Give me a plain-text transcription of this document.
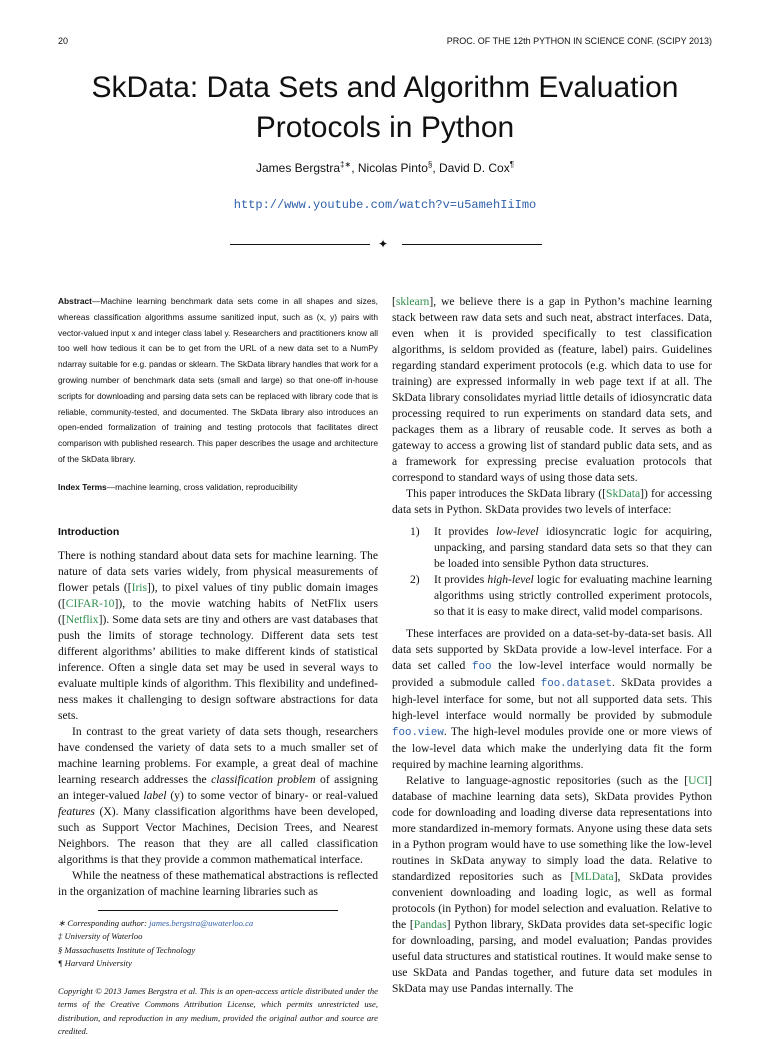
20	PROC. OF THE 12th PYTHON IN SCIENCE CONF. (SCIPY 2013)
SkData: Data Sets and Algorithm Evaluation
Protocols in Python
James Bergstra‡∗, Nicolas Pinto§, David D. Cox¶
http://www.youtube.com/watch?v=u5amehIiImo
✦

Abstract—Machine learning benchmark data sets come in all shapes and sizes, whereas classification algorithms assume sanitized input, such as (x, y) pairs with vector-valued input x and integer class label y. Researchers and practitioners know all too well how tedious it can be to get from the URL of a new data set to a NumPy ndarray suitable for e.g. pandas or sklearn. The SkData library handles that work for a growing number of benchmark data sets (small and large) so that one-off in-house scripts for downloading and parsing data sets can be replaced with library code that is reliable, community-tested, and documented. The SkData library also introduces an open-ended formalization of training and testing protocols that facilitates direct comparison with published research. This paper describes the usage and architecture of the SkData library.

Index Terms—machine learning, cross validation, reproducibility

Introduction

There is nothing standard about data sets for machine learning. The nature of data sets varies widely, from physical measurements of flower petals ([Iris]), to pixel values of tiny public domain images ([CIFAR-10]), to the movie watching habits of NetFlix users ([Netflix]). Some data sets are tiny and others are vast databases that push the limits of storage technology. Different data sets test different algorithms’ abilities to make different kinds of statistical inference. Often a single data set may be used in several ways to evaluate multiple kinds of algorithm. This flexibility and undefined-ness makes it challenging to design software abstractions for data sets.

In contrast to the great variety of data sets though, researchers have condensed the variety of data sets to a much smaller set of machine learning problems. For example, a great deal of machine learning research addresses the classification problem of assigning an integer-valued label (y) to some vector of binary- or real-valued features (X). Many classification algorithms have been developed, such as Support Vector Machines, Decision Trees, and Nearest Neighbors. The reason that they are all called classification algorithms is that they provide a common mathematical interface.

While the neatness of these mathematical abstractions is reflected in the organization of machine learning libraries such as

∗ Corresponding author: james.bergstra@uwaterloo.ca

‡ University of Waterloo

§ Massachusetts Institute of Technology

¶ Harvard University

Copyright © 2013 James Bergstra et al. This is an open-access article distributed under the terms of the Creative Commons Attribution License, which permits unrestricted use, distribution, and reproduction in any medium, provided the original author and source are credited.

[sklearn], we believe there is a gap in Python’s machine learning stack between raw data sets and such neat, abstract interfaces. Data, even when it is provided specifically to test classification algorithms, is seldom provided as (feature, label) pairs. Guidelines regarding standard experiment protocols (e.g. which data to use for training) are expressed informally in web page text if at all. The SkData library consolidates myriad little details of idiosyncratic data processing required to run experiments on standard data sets, and packages them as a library of reusable code. It serves as both a gateway to access a growing list of standard public data sets, and as a framework for expressing precise evaluation protocols that correspond to standard ways of using those data sets.

This paper introduces the SkData library ([SkData]) for accessing data sets in Python. SkData provides two levels of interface:

1) It provides low-level idiosyncratic logic for acquiring, unpacking, and parsing standard data sets so that they can be loaded into sensible Python data structures.
2) It provides high-level logic for evaluating machine learning algorithms using strictly controlled experiment protocols, so that it is easy to make direct, valid model comparisons.

These interfaces are provided on a data-set-by-data-set basis. All data sets supported by SkData provide a low-level interface. For a data set called foo the low-level interface would normally be provided a submodule called foo.dataset. SkData provides a high-level interface for some, but not all supported data sets. This high-level interface would normally be provided by submodule foo.view. The high-level modules provide one or more views of the low-level data which make the underlying data fit the form required by machine learning algorithms.

Relative to language-agnostic repositories (such as the [UCI] database of machine learning data sets), SkData provides Python code for downloading and loading diverse data representations into more standardized in-memory formats. Anyone using these data sets in a Python program would have to use something like the low-level routines in SkData anyway to simply load the data. Relative to standardized repositories such as [MLData], SkData provides convenient downloading and loading logic, as well as formal protocols (in Python) for model selection and evaluation. Relative to the [Pandas] Python library, SkData provides data set-specific logic for downloading, parsing, and model evaluation; Pandas provides useful data structures and statistical routines. It would make sense to use SkData and Pandas together, and future data set modules in SkData may use Pandas internally. The
